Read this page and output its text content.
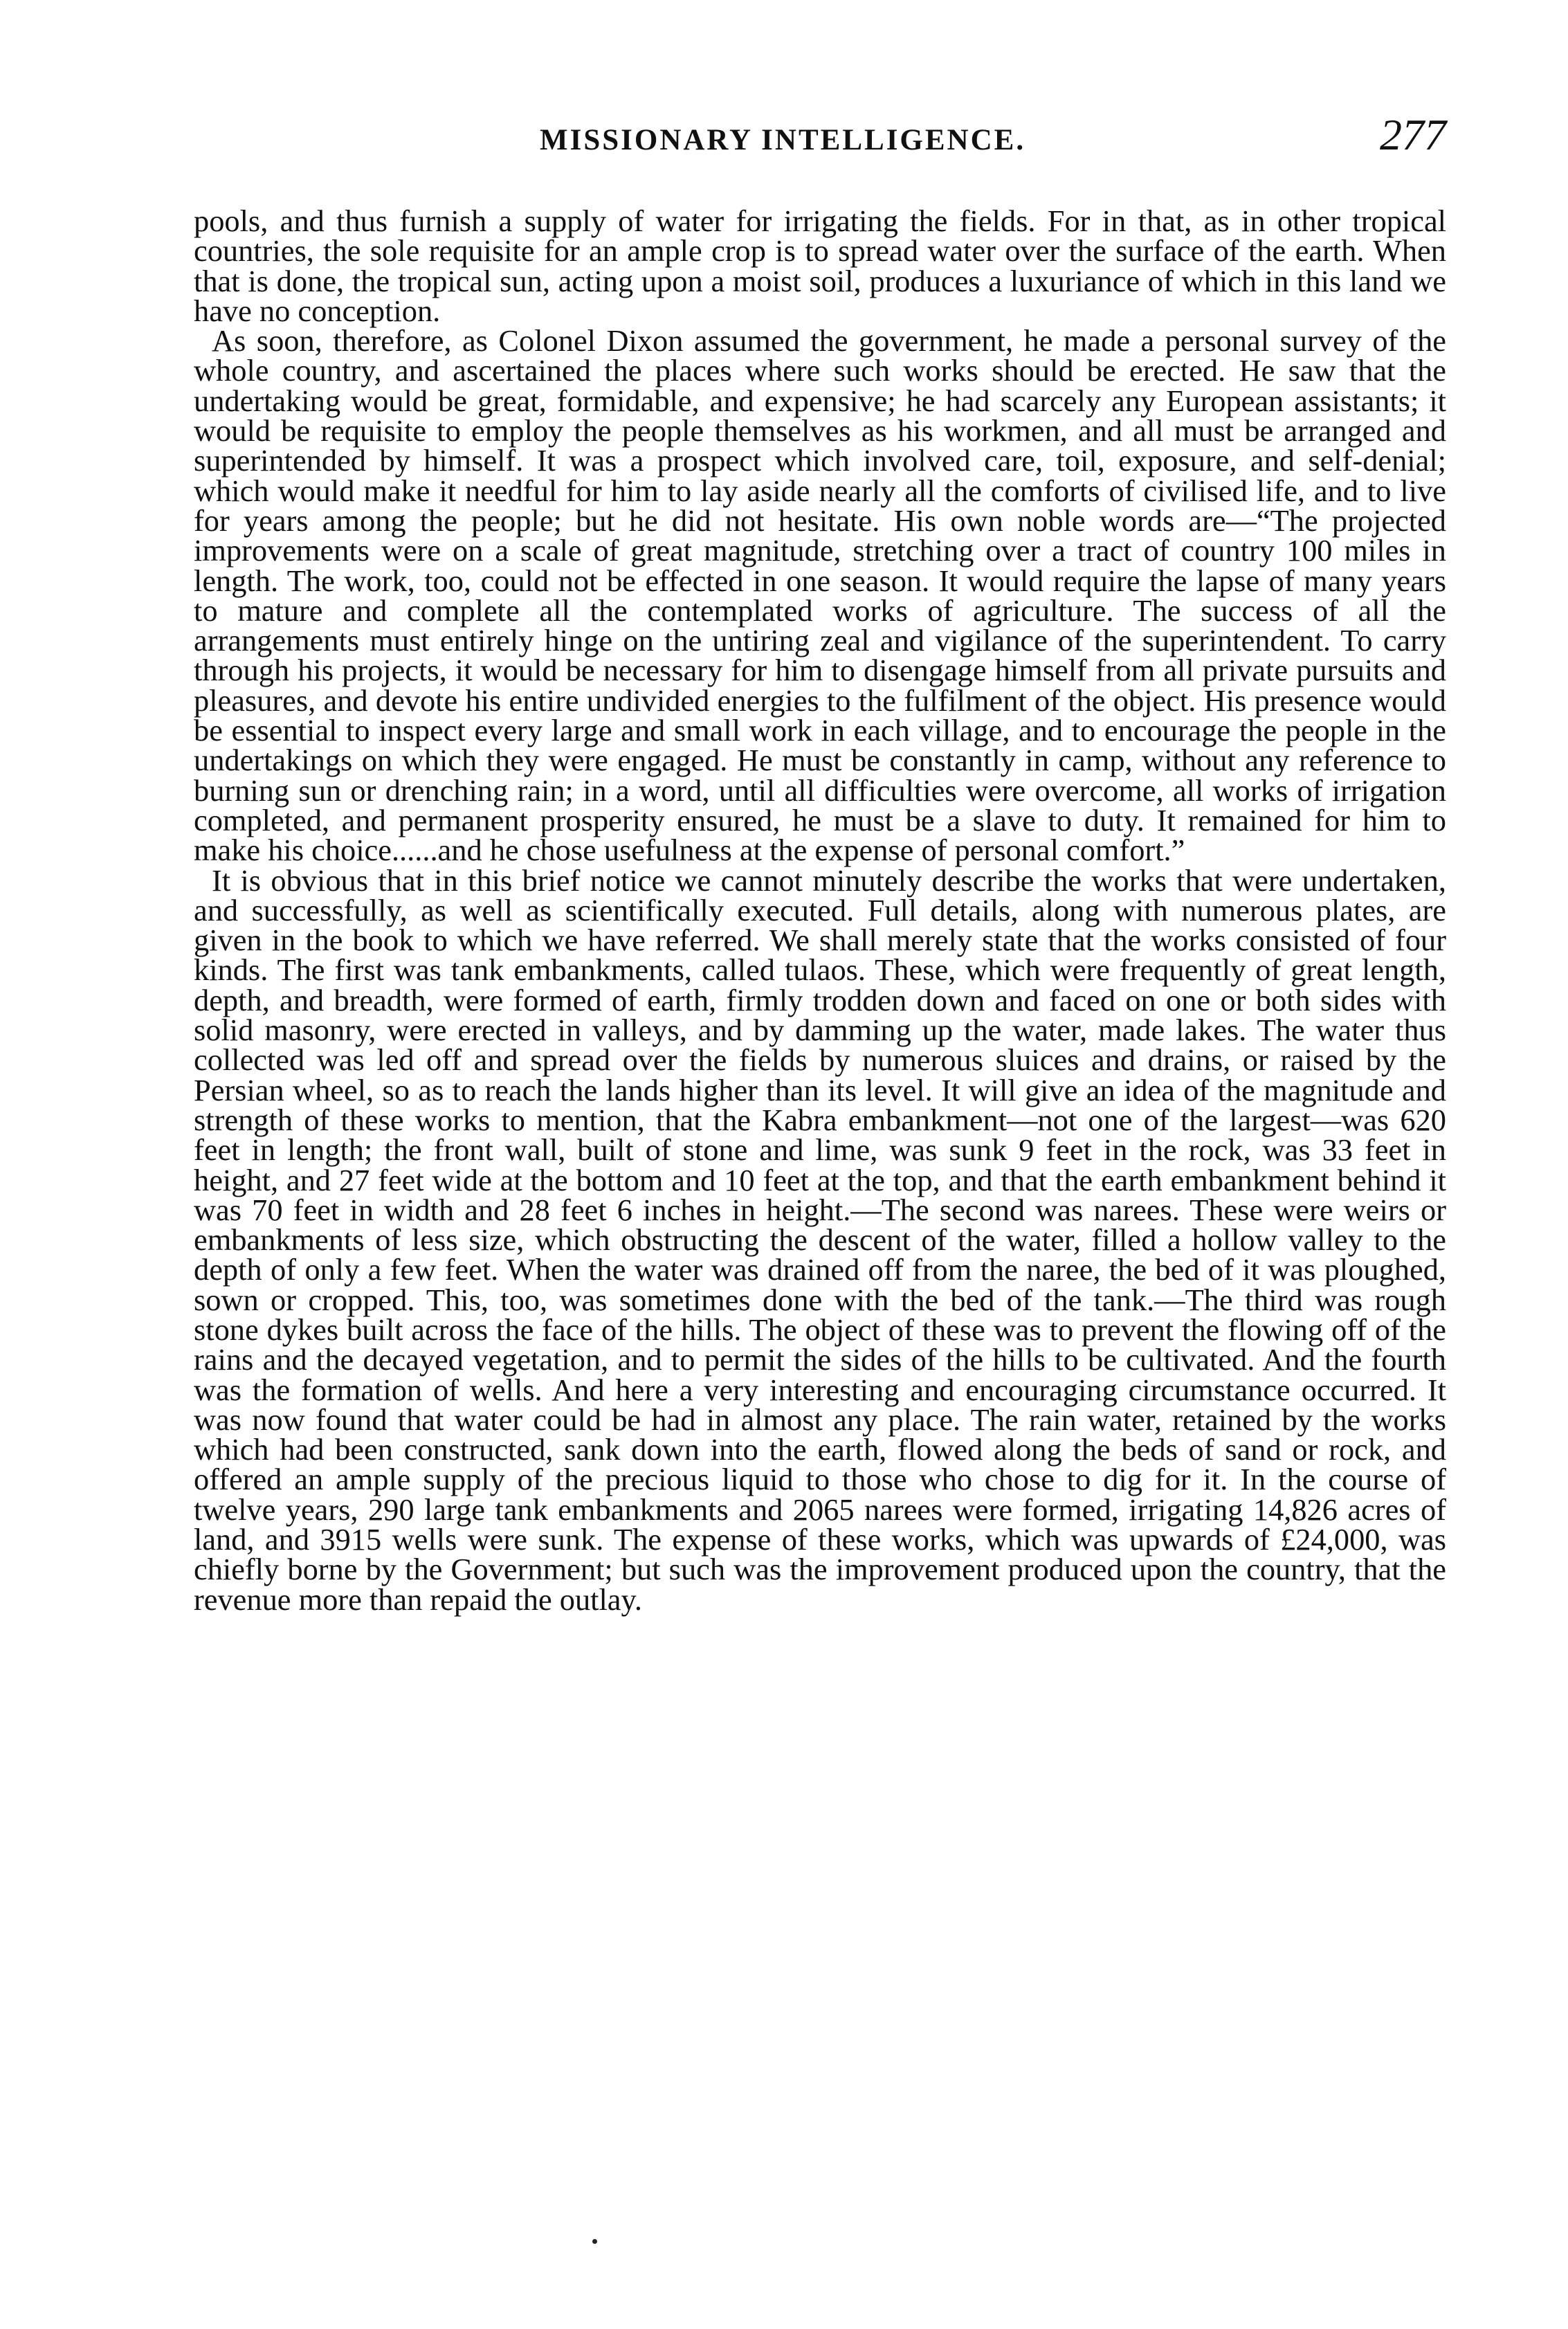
MISSIONARY INTELLIGENCE.	277

pools, and thus furnish a supply of water for irrigating the fields. For in that, as in other tropical countries, the sole requisite for an ample crop is to spread water over the surface of the earth. When that is done, the tropical sun, acting upon a moist soil, produces a luxuriance of which in this land we have no conception.

As soon, therefore, as Colonel Dixon assumed the government, he made a personal survey of the whole country, and ascertained the places where such works should be erected. He saw that the undertaking would be great, formidable, and expensive; he had scarcely any European assistants; it would be requisite to employ the people themselves as his workmen, and all must be arranged and superintended by himself. It was a prospect which involved care, toil, exposure, and self-denial; which would make it needful for him to lay aside nearly all the comforts of civilised life, and to live for years among the people; but he did not hesitate. His own noble words are—“The projected improvements were on a scale of great magnitude, stretching over a tract of country 100 miles in length. The work, too, could not be effected in one season. It would require the lapse of many years to mature and complete all the contemplated works of agriculture. The success of all the arrangements must entirely hinge on the untiring zeal and vigilance of the superintendent. To carry through his projects, it would be necessary for him to disengage himself from all private pursuits and pleasures, and devote his entire undivided energies to the fulfilment of the object. His presence would be essential to inspect every large and small work in each village, and to encourage the people in the undertakings on which they were engaged. He must be constantly in camp, without any reference to burning sun or drenching rain; in a word, until all difficulties were overcome, all works of irrigation completed, and permanent prosperity ensured, he must be a slave to duty. It remained for him to make his choice......and he chose usefulness at the expense of personal comfort.”

It is obvious that in this brief notice we cannot minutely describe the works that were undertaken, and successfully, as well as scientifically executed. Full details, along with numerous plates, are given in the book to which we have referred. We shall merely state that the works consisted of four kinds. The first was tank embankments, called tulaos. These, which were frequently of great length, depth, and breadth, were formed of earth, firmly trodden down and faced on one or both sides with solid masonry, were erected in valleys, and by damming up the water, made lakes. The water thus collected was led off and spread over the fields by numerous sluices and drains, or raised by the Persian wheel, so as to reach the lands higher than its level. It will give an idea of the magnitude and strength of these works to mention, that the Kabra embankment—not one of the largest—was 620 feet in length; the front wall, built of stone and lime, was sunk 9 feet in the rock, was 33 feet in height, and 27 feet wide at the bottom and 10 feet at the top, and that the earth embankment behind it was 70 feet in width and 28 feet 6 inches in height.—The second was narees. These were weirs or embankments of less size, which obstructing the descent of the water, filled a hollow valley to the depth of only a few feet. When the water was drained off from the naree, the bed of it was ploughed, sown or cropped. This, too, was sometimes done with the bed of the tank.—The third was rough stone dykes built across the face of the hills. The object of these was to prevent the flowing off of the rains and the decayed vegetation, and to permit the sides of the hills to be cultivated. And the fourth was the formation of wells. And here a very interesting and encouraging circumstance occurred. It was now found that water could be had in almost any place. The rain water, retained by the works which had been constructed, sank down into the earth, flowed along the beds of sand or rock, and offered an ample supply of the precious liquid to those who chose to dig for it. In the course of twelve years, 290 large tank embankments and 2065 narees were formed, irrigating 14,826 acres of land, and 3915 wells were sunk. The expense of these works, which was upwards of £24,000, was chiefly borne by the Government; but such was the improvement produced upon the country, that the revenue more than repaid the outlay.
